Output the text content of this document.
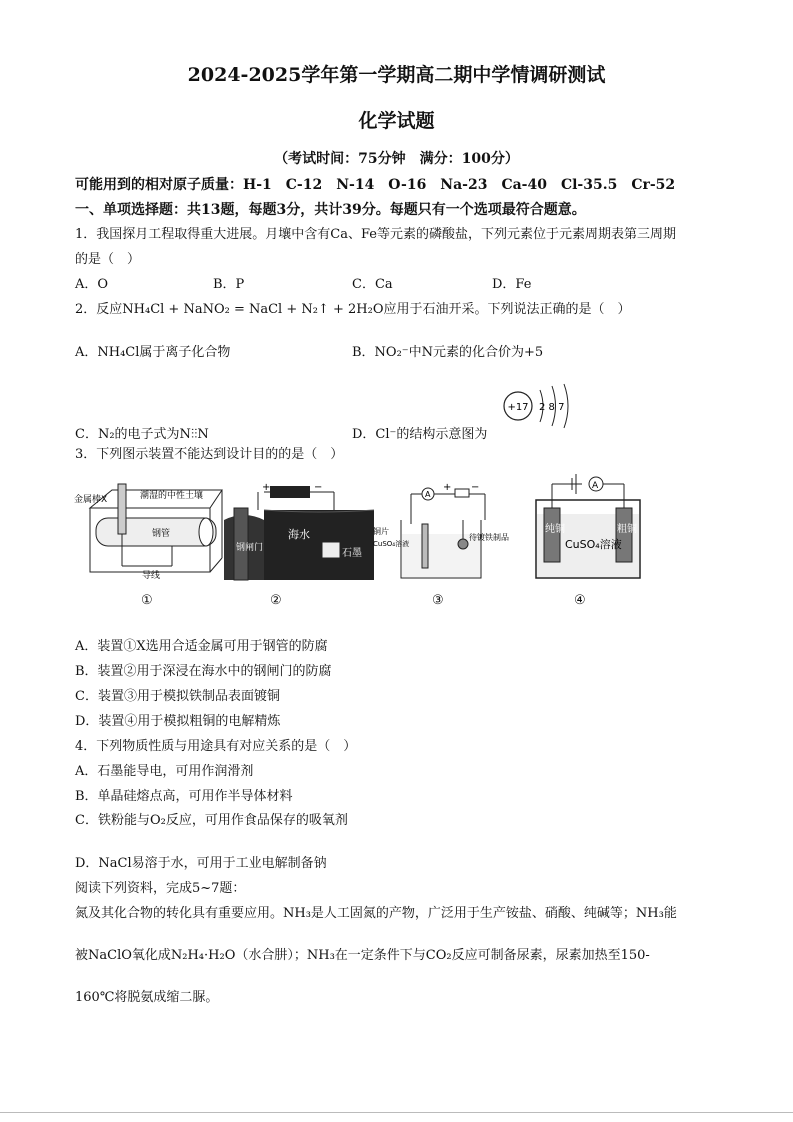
2024-2025学年第一学期高二期中学情调研测试
化学试题
（考试时间：75分钟　满分：100分）
可能用到的相对原子质量：H-1　C-12　N-14　O-16　Na-23　Ca-40　Cl-35.5　Cr-52
一、单项选择题：共13题，每题3分，共计39分。每题只有一个选项最符合题意。
1．我国探月工程取得重大进展。月壤中含有Ca、Fe等元素的磷酸盐，下列元素位于元素周期表第三周期
的是（　）
A．O	B．P	C．Ca	D．Fe
2．反应NH₄Cl + NaNO₂ = NaCl + N₂↑ + 2H₂O应用于石油开采。下列说法正确的是（　）
A．NH₄Cl属于离子化合物	B．NO₂⁻中N元素的化合价为+5
C．N₂的电子式为N⫶⫶N	D．Cl⁻的结构示意图为
+17 2 8 7
3．下列图示装置不能达到设计目的的是（　）
金属棒X	潮湿的中性土壤
钢管
导线
①
+	−
钢闸门
海水
石墨
②
A
+ −
铜片
CuSO₄溶液
待镀铁制品
③
A
纯铜	粗铜
CuSO₄溶液
④
A．装置①X选用合适金属可用于钢管的防腐
B．装置②用于深浸在海水中的钢闸门的防腐
C．装置③用于模拟铁制品表面镀铜
D．装置④用于模拟粗铜的电解精炼
4．下列物质性质与用途具有对应关系的是（　）
A．石墨能导电，可用作润滑剂
B．单晶硅熔点高，可用作半导体材料
C．铁粉能与O₂反应，可用作食品保存的吸氧剂
D．NaCl易溶于水，可用于工业电解制备钠
阅读下列资料，完成5~7题：
氮及其化合物的转化具有重要应用。NH₃是人工固氮的产物，广泛用于生产铵盐、硝酸、纯碱等；NH₃能
被NaClO氧化成N₂H₄·H₂O（水合肼）；NH₃在一定条件下与CO₂反应可制备尿素，尿素加热至150-
160℃将脱氨成缩二脲。
